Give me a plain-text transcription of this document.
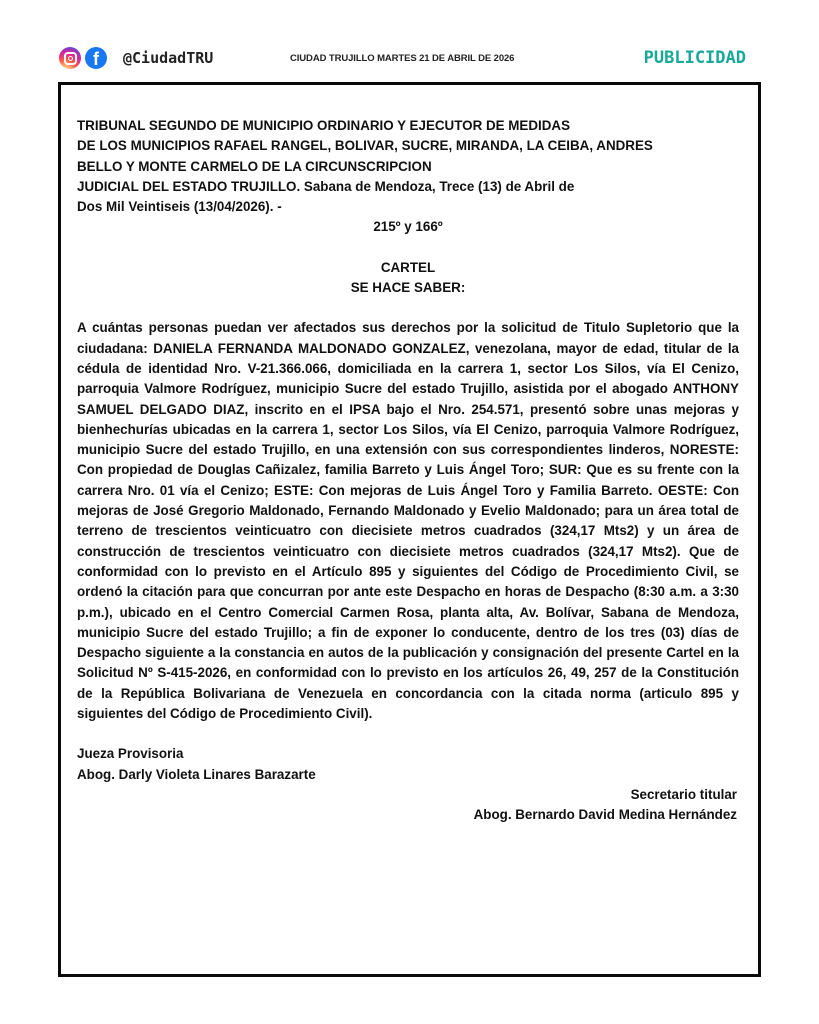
f	@CiudadTRU	CIUDAD TRUJILLO MARTES 21 DE ABRIL DE 2026	PUBLICIDAD
TRIBUNAL SEGUNDO DE MUNICIPIO ORDINARIO Y EJECUTOR DE MEDIDAS
DE LOS MUNICIPIOS RAFAEL RANGEL, BOLIVAR, SUCRE, MIRANDA, LA CEIBA, ANDRES
BELLO Y MONTE CARMELO DE LA CIRCUNSCRIPCION
JUDICIAL DEL ESTADO TRUJILLO. Sabana de Mendoza, Trece (13) de Abril de
Dos Mil Veintiseis (13/04/2026). -
215º y 166º
CARTEL
SE HACE SABER:
A cuántas personas puedan ver afectados sus derechos por la solicitud de Titulo Supletorio que la ciudadana: DANIELA FERNANDA MALDONADO GONZALEZ, venezolana, mayor de edad, titular de la cédula de identidad Nro. V-21.366.066, domiciliada en la carrera 1, sector Los Silos, vía El Cenizo, parroquia Valmore Rodríguez, municipio Sucre del estado Trujillo, asistida por el abogado ANTHONY SAMUEL DELGADO DIAZ, inscrito en el IPSA bajo el Nro. 254.571, presentó sobre unas mejoras y bienhechurías ubicadas en la carrera 1, sector Los Silos, vía El Cenizo, parroquia Valmore Rodríguez, municipio Sucre del estado Trujillo, en una extensión con sus correspondientes linderos, NORESTE: Con propiedad de Douglas Cañizalez, familia Barreto y Luis Ángel Toro; SUR: Que es su frente con la carrera Nro. 01 vía el Cenizo; ESTE: Con mejoras de Luis Ángel Toro y Familia Barreto. OESTE: Con mejoras de José Gregorio Maldonado, Fernando Maldonado y Evelio Maldonado; para un área total de terreno de trescientos veinticuatro con diecisiete metros cuadrados (324,17 Mts2) y un área de construcción de trescientos veinticuatro con diecisiete metros cuadrados (324,17 Mts2). Que de conformidad con lo previsto en el Artículo 895 y siguientes del Código de Procedimiento Civil, se ordenó la citación para que concurran por ante este Despacho en horas de Despacho (8:30 a.m. a 3:30 p.m.), ubicado en el Centro Comercial Carmen Rosa, planta alta, Av. Bolívar, Sabana de Mendoza, municipio Sucre del estado Trujillo; a fin de exponer lo conducente, dentro de los tres (03) días de Despacho siguiente a la constancia en autos de la publicación y consignación del presente Cartel en la Solicitud Nº S-415-2026, en conformidad con lo previsto en los artículos 26, 49, 257 de la Constitución de la República Bolivariana de Venezuela en concordancia con la citada norma (articulo 895 y siguientes del Código de Procedimiento Civil).
Jueza Provisoria
Abog. Darly Violeta Linares Barazarte
Secretario titular
Abog. Bernardo David Medina Hernández
